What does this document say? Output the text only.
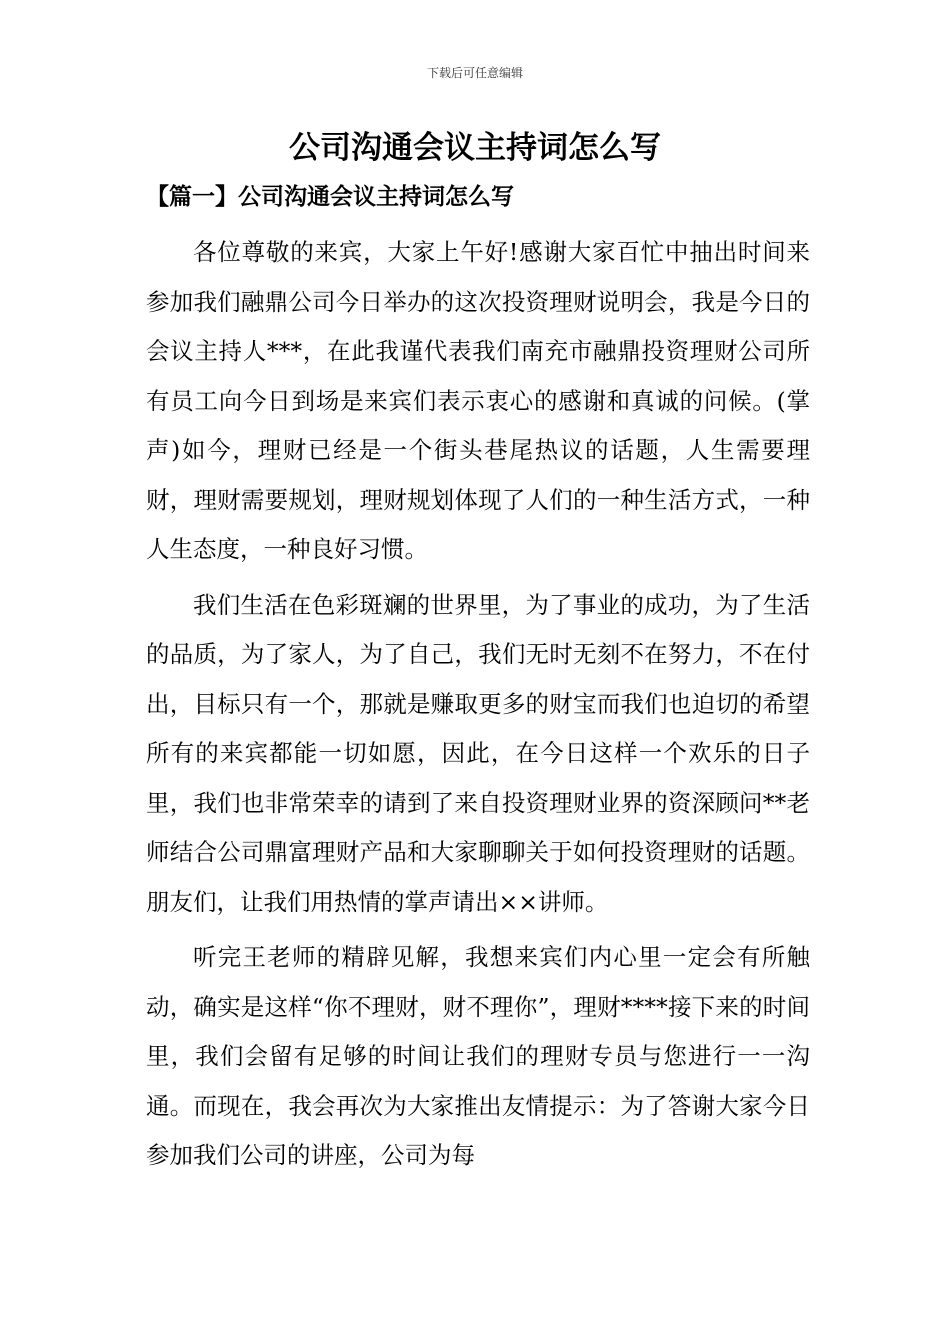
下载后可任意编辑
公司沟通会议主持词怎么写
【篇一】公司沟通会议主持词怎么写

各位尊敬的来宾，大家上午好!感谢大家百忙中抽出时间来参加我们融鼎公司今日举办的这次投资理财说明会，我是今日的会议主持人***，在此我谨代表我们南充市融鼎投资理财公司所有员工向今日到场是来宾们表示衷心的感谢和真诚的问候。(掌声)如今，理财已经是一个街头巷尾热议的话题，人生需要理财，理财需要规划，理财规划体现了人们的一种生活方式，一种人生态度，一种良好习惯。

我们生活在色彩斑斓的世界里，为了事业的成功，为了生活的品质，为了家人，为了自己，我们无时无刻不在努力，不在付出，目标只有一个，那就是赚取更多的财宝而我们也迫切的希望所有的来宾都能一切如愿，因此，在今日这样一个欢乐的日子里，我们也非常荣幸的请到了来自投资理财业界的资深顾问**老师结合公司鼎富理财产品和大家聊聊关于如何投资理财的话题。朋友们，让我们用热情的掌声请出××讲师。

听完王老师的精辟见解，我想来宾们内心里一定会有所触动，确实是这样“你不理财，财不理你”，理财****接下来的时间里，我们会留有足够的时间让我们的理财专员与您进行一一沟通。而现在，我会再次为大家推出友情提示：为了答谢大家今日参加我们公司的讲座，公司为每
